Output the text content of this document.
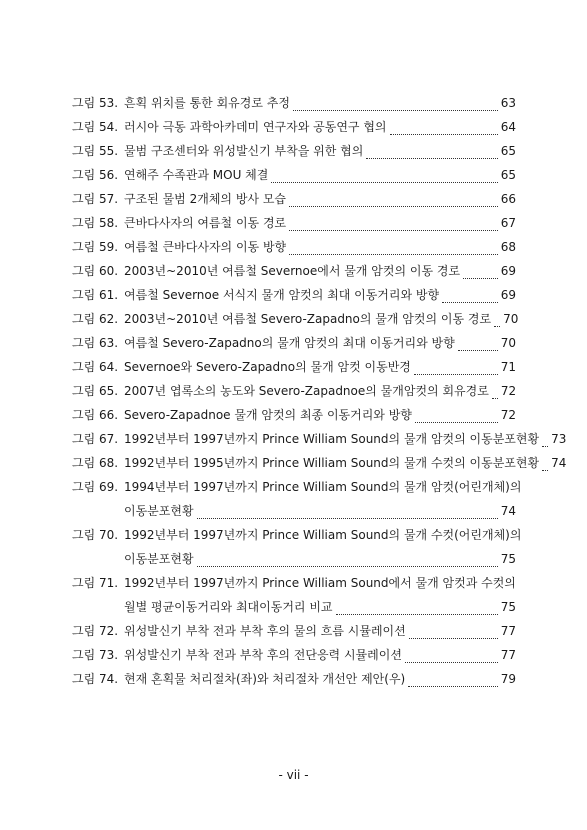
그림 53. 흔획 위치를 통한 회유경로 추정	63
그림 54. 러시아 극동 과학아카데미 연구자와 공동연구 협의	64
그림 55. 물범 구조센터와 위성발신기 부착을 위한 협의	65
그림 56. 연해주 수족관과 MOU 체결	65
그림 57. 구조된 물범 2개체의 방사 모습	66
그림 58. 큰바다사자의 여름철 이동 경로	67
그림 59. 여름철 큰바다사자의 이동 방향	68
그림 60. 2003년~2010년 여름철 Severnoe에서 물개 암컷의 이동 경로	69
그림 61. 여름철 Severnoe 서식지 물개 암컷의 최대 이동거리와 방향	69
그림 62. 2003년~2010년 여름철 Severo-Zapadno의 물개 암컷의 이동 경로 70
그림 63. 여름철 Severo-Zapadno의 물개 암컷의 최대 이동거리와 방향	70
그림 64. Severnoe와 Severo-Zapadno의 물개 암컷 이동반경	71
그림 65. 2007년 엽록소의 농도와 Severo-Zapadnoe의 물개암컷의 회유경로 72
그림 66. Severo-Zapadnoe 물개 암컷의 최종 이동거리와 방향	72
그림 67. 1992년부터 1997년까지 Prince William Sound의 물개 암컷의 이동분포현황 73
그림 68. 1992년부터 1995년까지 Prince William Sound의 물개 수컷의 이동분포현황 74
그림 69. 1994년부터 1997년까지 Prince William Sound의 물개 암컷(어린개체)의
이동분포현황	74
그림 70. 1992년부터 1997년까지 Prince William Sound의 물개 수컷(어린개체)의
이동분포현황	75
그림 71. 1992년부터 1997년까지 Prince William Sound에서 물개 암컷과 수컷의
월별 평균이동거리와 최대이동거리 비교	75
그림 72. 위성발신기 부착 전과 부착 후의 물의 흐름 시뮬레이션	77
그림 73. 위성발신기 부착 전과 부착 후의 전단응력 시뮬레이션	77
그림 74. 현재 혼획물 처리절차(좌)와 처리절차 개선안 제안(우)	79
- vii -
